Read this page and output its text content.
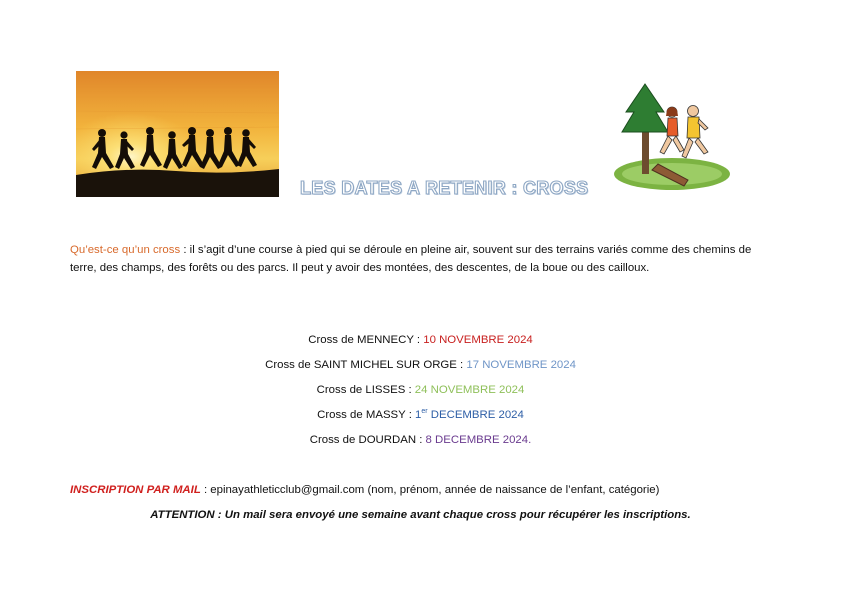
LES DATES A RETENIR : CROSS
Qu’est-ce qu’un cross : il s’agit d’une course à pied qui se déroule en pleine air, souvent sur des terrains variés comme des chemins de terre, des champs, des forêts ou des parcs. Il peut y avoir des montées, des descentes, de la boue ou des cailloux.
Cross de MENNECY : 10 NOVEMBRE 2024
Cross de SAINT MICHEL SUR ORGE : 17 NOVEMBRE 2024
Cross de LISSES : 24 NOVEMBRE 2024
Cross de MASSY : 1er DECEMBRE 2024
Cross de DOURDAN : 8 DECEMBRE 2024.
INSCRIPTION PAR MAIL : epinayathleticclub@gmail.com (nom, prénom, année de naissance de l’enfant, catégorie)
ATTENTION : Un mail sera envoyé une semaine avant chaque cross pour récupérer les inscriptions.
